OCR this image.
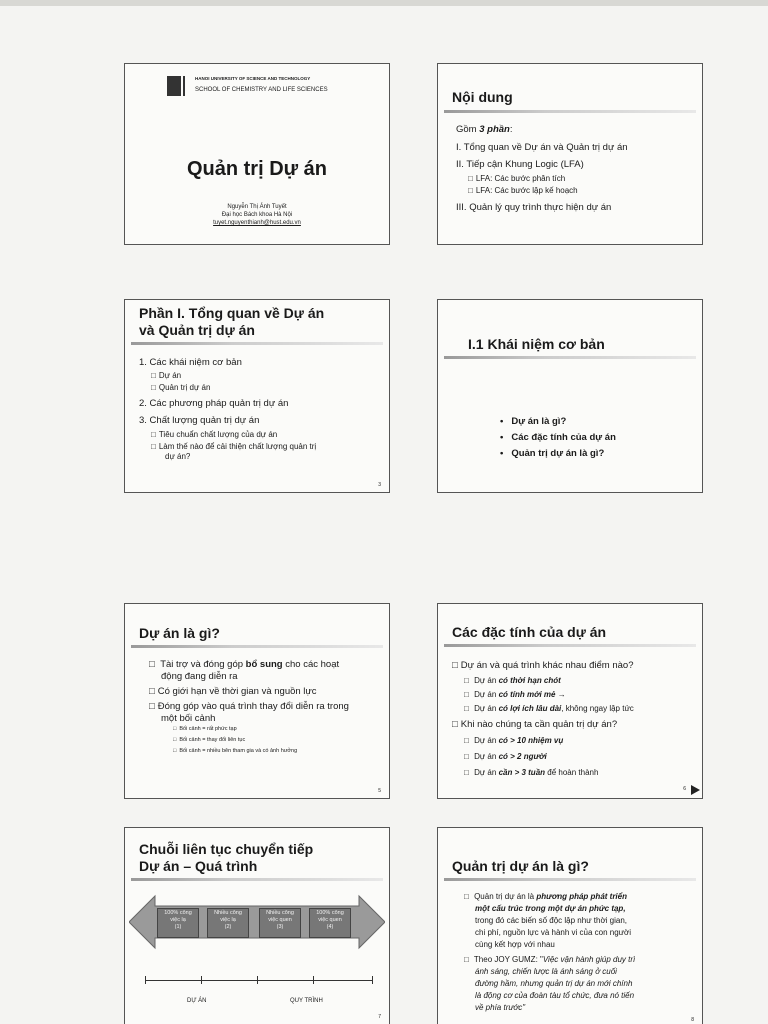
HANOI UNIVERSITY OF SCIENCE AND TECHNOLOGY
SCHOOL OF CHEMISTRY AND LIFE SCIENCES
Quản trị Dự án
Nguyễn Thị Ánh Tuyết
Đại học Bách khoa Hà Nội
tuyet.nguyenthianh@hust.edu.vn
Nội dung
Gồm 3 phần:
I. Tổng quan về Dự án và Quản trị dự án
II. Tiếp cận Khung Logic (LFA)
□ LFA: Các bước phân tích
□ LFA: Các bước lập kế hoạch
III. Quản lý quy trình thực hiện dự án
Phần I. Tổng quan về Dự án
và Quản trị dự án
1. Các khái niệm cơ bản
□ Dự án
□ Quản trị dự án
2. Các phương pháp quản trị dự án
3. Chất lượng quản trị dự án
□ Tiêu chuẩn chất lượng của dự án
□ Làm thế nào để cải thiện chất lượng quản trị
dự án?
3
I.1 Khái niệm cơ bản
• Dự án là gì?
• Các đặc tính của dự án
• Quản trị dự án là gì?
Dự án là gì?
□ Tài trợ và đóng góp bổ sung cho các hoạt
động đang diễn ra
□ Có giới hạn về thời gian và nguồn lực
□ Đóng góp vào quá trình thay đổi diễn ra trong
một bối cảnh
□ Bối cảnh = rất phức tạp
□ Bối cảnh = thay đổi liên tục
□ Bối cảnh = nhiều bên tham gia và có ảnh hưởng
5
Các đặc tính của dự án
□ Dự án và quá trình khác nhau điểm nào?
□ Dự án có thời hạn chót
□ Dự án có tính mới mẻ →
□ Dự án có lợi ích lâu dài, không ngay lập tức
□ Khi nào chúng ta cần quản trị dự án?
□ Dự án có > 10 nhiệm vụ
□ Dự án có > 2 người
□ Dự án cần > 3 tuần để hoàn thành
6
Chuỗi liên tục chuyển tiếp
Dự án – Quá trình
100% công
việc lạ
(1)
Nhiều công
việc lạ
(2)
Nhiều công
việc quen
(3)
100% công
việc quen
(4)
DỰ ÁN	QUY TRÌNH
7
Quản trị dự án là gì?
□ Quản trị dự án là phương pháp phát triển
một cấu trúc trong một dự án phức tạp,
trong đó các biến số độc lập như thời gian,
chi phí, nguồn lực và hành vi của con người
cùng kết hợp với nhau
□ Theo JOY GUMZ: "Việc vận hành giúp duy trì
ánh sáng, chiến lược là ánh sáng ở cuối
đường hầm, nhưng quản trị dự án mới chính
là động cơ của đoàn tàu tổ chức, đưa nó tiến
về phía trước"
8
